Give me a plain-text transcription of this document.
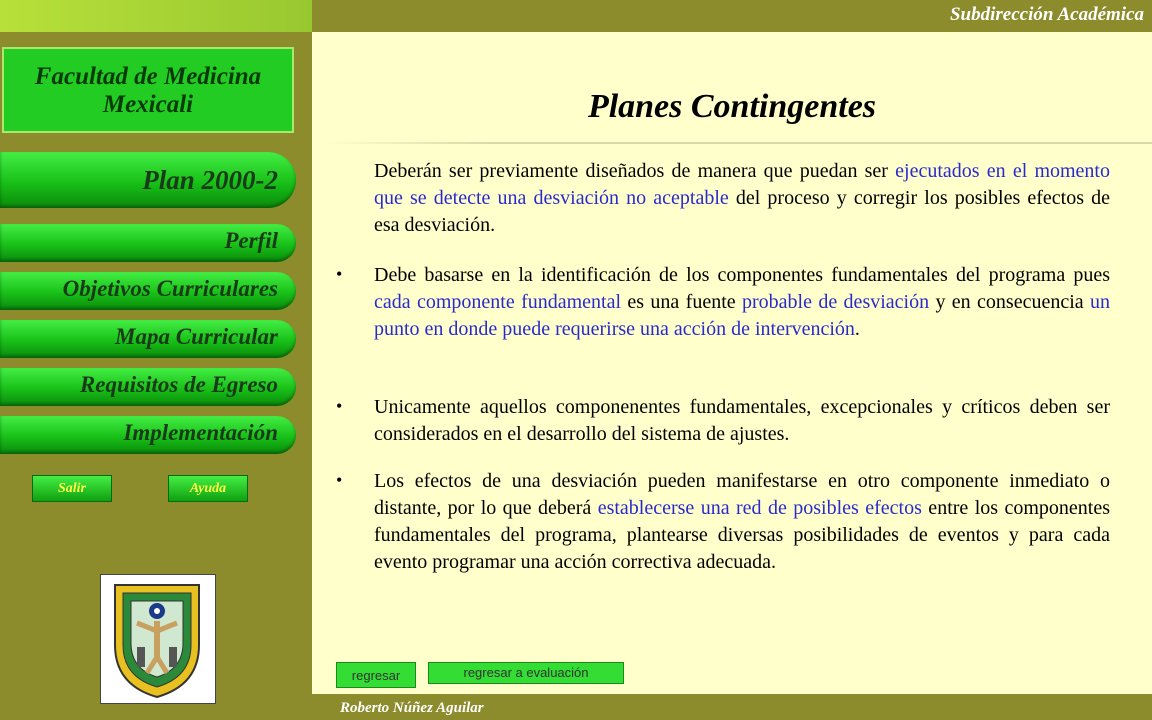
Subdirección Académica
Facultad de Medicina
Mexicali
Plan 2000-2
Perfil
Objetivos Curriculares
Mapa Curricular
Requisitos de Egreso
Implementación
Salir	Ayuda
Planes Contingentes
Deberán ser previamente diseñados de manera que puedan ser ejecutados en el momento que se detecte una desviación no aceptable del proceso y corregir los posibles efectos de esa desviación.
• Debe basarse en la identificación de los componentes fundamentales del programa pues cada componente fundamental es una fuente probable de desviación y en consecuencia un punto en donde puede requerirse una acción de intervención.
• Unicamente aquellos componenentes fundamentales, excepcionales y críticos deben ser considerados en el desarrollo del sistema de ajustes.
• Los efectos de una desviación pueden manifestarse en otro componente inmediato o distante, por lo que deberá establecerse una red de posibles efectos entre los componentes fundamentales del programa, plantearse diversas posibilidades de eventos y para cada evento programar una acción correctiva adecuada.
regresar	regresar a evaluación
Roberto Núñez Aguilar
